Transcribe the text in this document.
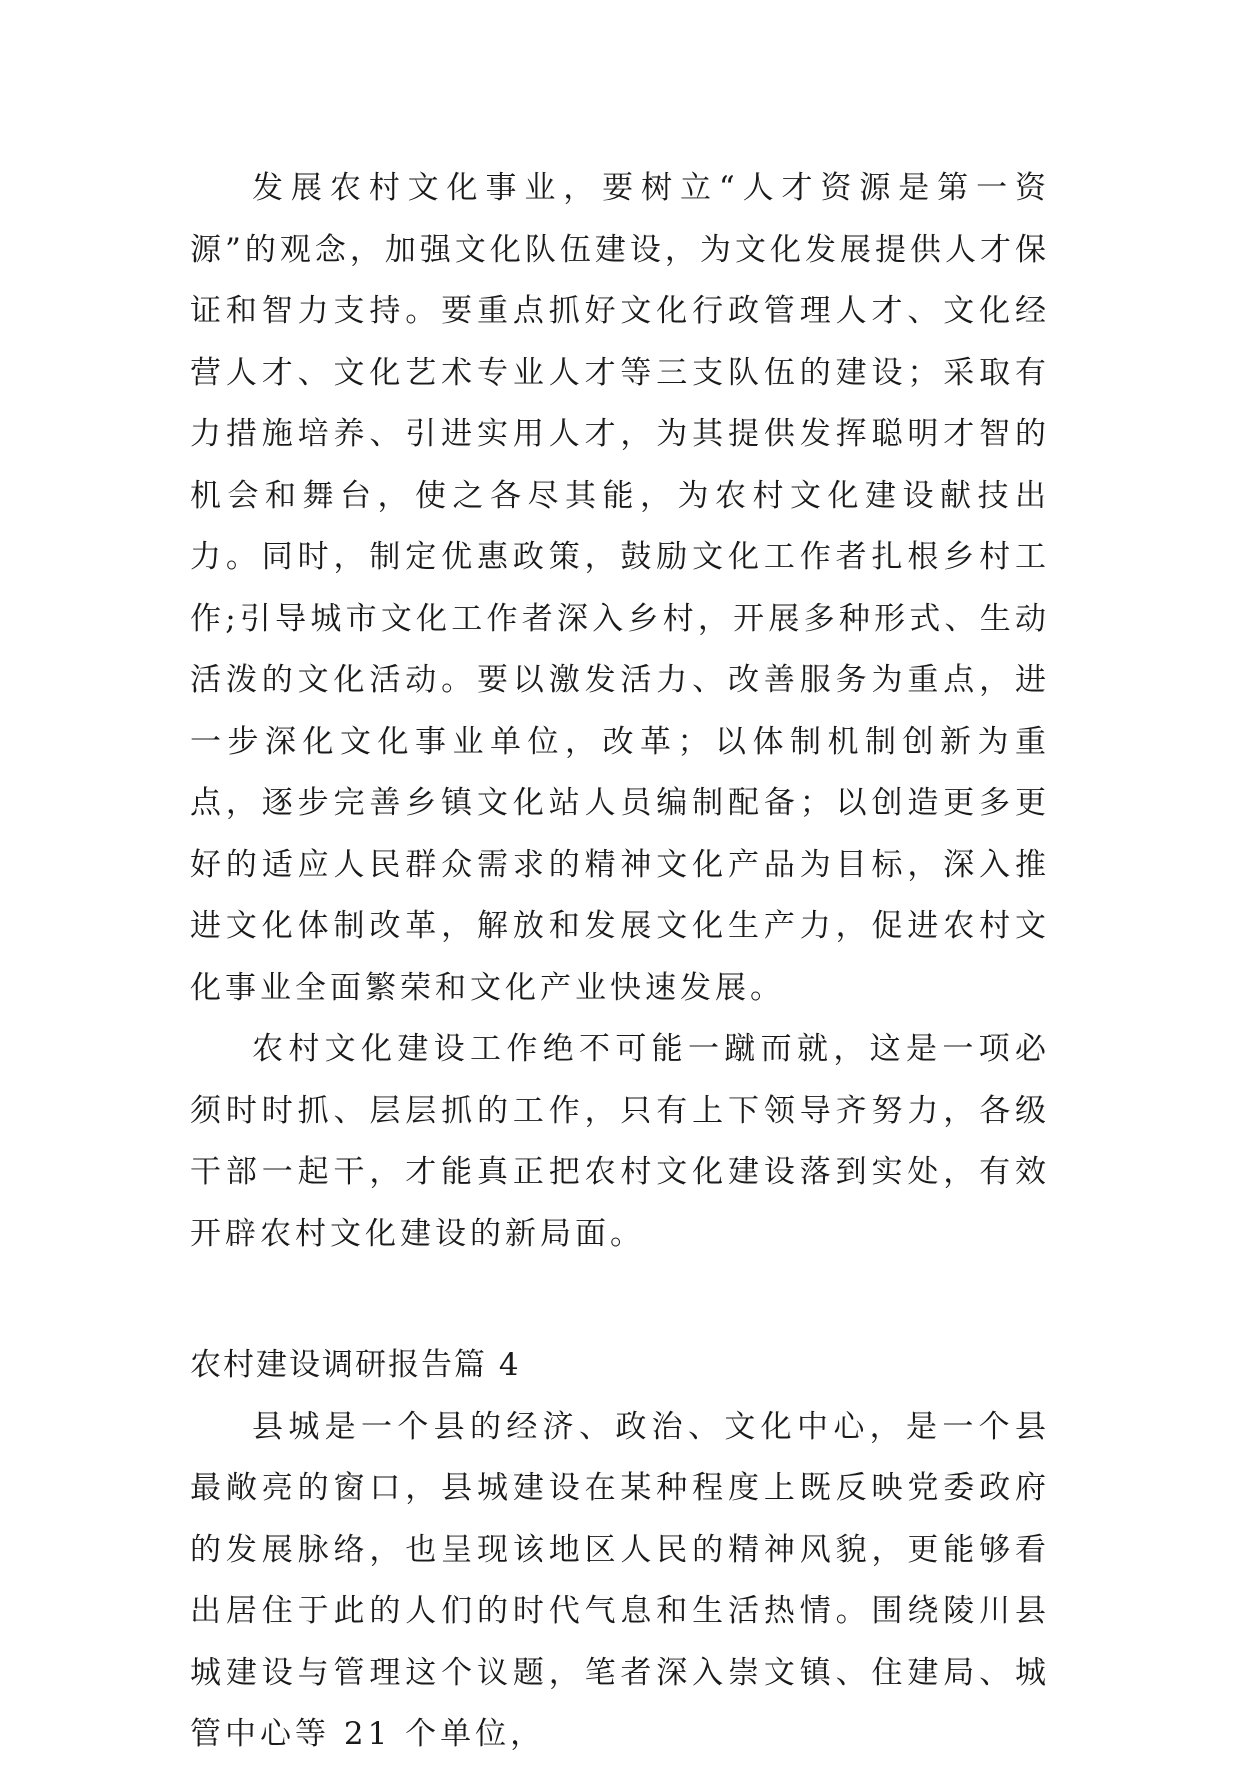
发展农村文化事业，要树立“人才资源是第一资源”的观念，加强文化队伍建设，为文化发展提供人才保证和智力支持。要重点抓好文化行政管理人才、文化经营人才、文化艺术专业人才等三支队伍的建设；采取有力措施培养、引进实用人才，为其提供发挥聪明才智的机会和舞台，使之各尽其能，为农村文化建设献技出力。同时，制定优惠政策，鼓励文化工作者扎根乡村工作;引导城市文化工作者深入乡村，开展多种形式、生动活泼的文化活动。要以激发活力、改善服务为重点，进一步深化文化事业单位，改革；以体制机制创新为重点，逐步完善乡镇文化站人员编制配备；以创造更多更好的适应人民群众需求的精神文化产品为目标，深入推进文化体制改革，解放和发展文化生产力，促进农村文化事业全面繁荣和文化产业快速发展。

农村文化建设工作绝不可能一蹴而就，这是一项必须时时抓、层层抓的工作，只有上下领导齐努力，各级干部一起干，才能真正把农村文化建设落到实处，有效开辟农村文化建设的新局面。

农村建设调研报告篇 4

县城是一个县的经济、政治、文化中心，是一个县最敞亮的窗口，县城建设在某种程度上既反映党委政府的发展脉络，也呈现该地区人民的精神风貌，更能够看出居住于此的人们的时代气息和生活热情。围绕陵川县城建设与管理这个议题，笔者深入崇文镇、住建局、城管中心等 21 个单位，
